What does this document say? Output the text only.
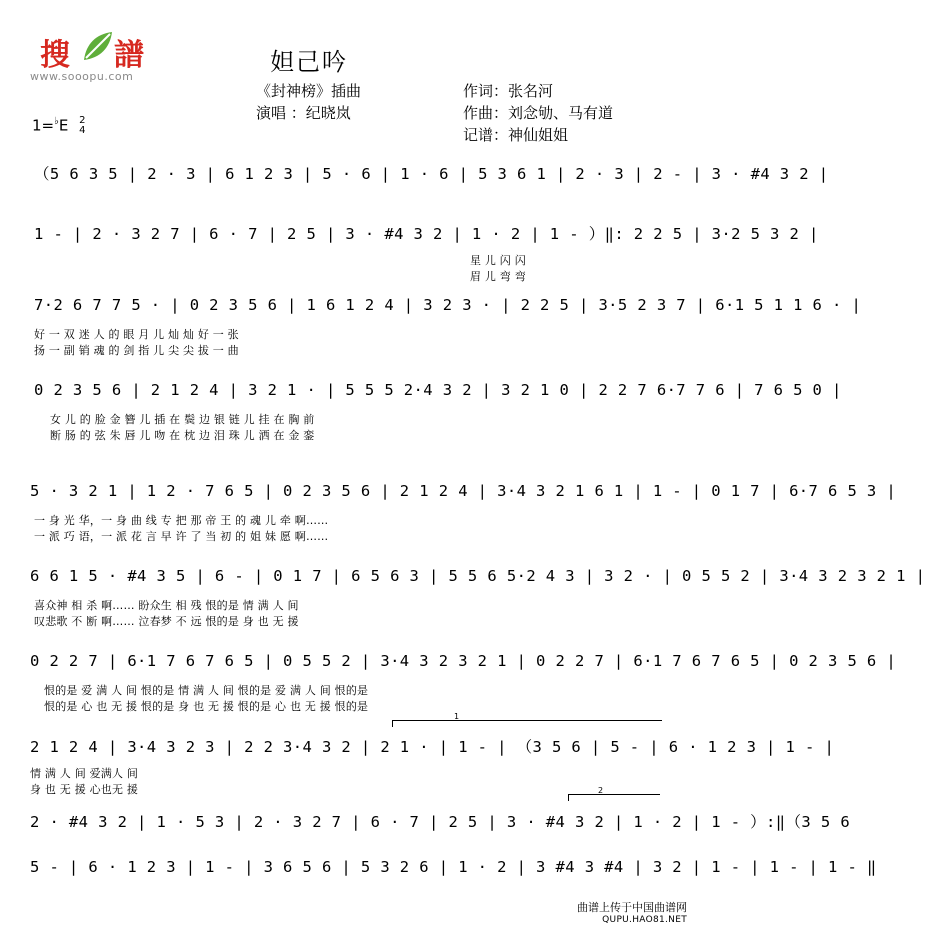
搜 譜
www.sooopu.com
妲己吟
《封神榜》插曲
演唱 ：纪晓岚
作词：张名河
作曲：刘念劬、马有道
记谱：神仙姐姐
1=♭E 2
4
（5 6 3 5 | 2 · 3 | 6 1 2 3 | 5 · 6 | 1 · 6 | 5 3 6 1 | 2 · 3 | 2 - | 3 · #4 3 2 |
1 - | 2 · 3 2 7 | 6 · 7 | 2 5 | 3 · #4 3 2 | 1 · 2 | 1 - ）‖: 2 2 5 | 3·2 5 3 2 |
星 儿 闪 闪
眉 儿 弯 弯
7·2 6 7 7 5 · | 0 2 3 5 6 | 1 6 1 2 4 | 3 2 3 · | 2 2 5 | 3·5 2 3 7 | 6·1 5 1 1 6 · |
好 一 双 迷 人 的 眼 月 儿 灿 灿 好 一 张
扬 一 副 销 魂 的 剑 指 儿 尖 尖 拔 一 曲
0 2 3 5 6 | 2 1 2 4 | 3 2 1 · | 5 5 5 2·4 3 2 | 3 2 1 0 | 2 2 7 6·7 7 6 | 7 6 5 0 |
女 儿 的 脸 金 簪 儿 插 在 鬓 边 银 链 儿 挂 在 胸 前
断 肠 的 弦 朱 唇 儿 吻 在 枕 边 泪 珠 儿 洒 在 金 銮
5 · 3 2 1 | 1 2 · 7 6 5 | 0 2 3 5 6 | 2 1 2 4 | 3·4 3 2 1 6 1 | 1 - | 0 1 7 | 6·7 6 5 3 |
一 身 光 华，一 身 曲 线 专 把 那 帝 王 的 魂 儿 牵 啊……
一 派 巧 语，一 派 花 言 早 许 了 当 初 的 姐 妹 愿 啊……
6 6 1 5 · #4 3 5 | 6 - | 0 1 7 | 6 5 6 3 | 5 5 6 5·2 4 3 | 3 2 · | 0 5 5 2 | 3·4 3 2 3 2 1 |
喜众神 相 杀 啊…… 盼众生 相 残 恨的是 情 满 人 间
叹悲歌 不 断 啊…… 泣春梦 不 远 恨的是 身 也 无 援
0 2 2 7 | 6·1 7 6 7 6 5 | 0 5 5 2 | 3·4 3 2 3 2 1 | 0 2 2 7 | 6·1 7 6 7 6 5 | 0 2 3 5 6 |
恨的是 爱 满 人 间 恨的是 情 满 人 间 恨的是 爱 满 人 间 恨的是
恨的是 心 也 无 援 恨的是 身 也 无 援 恨的是 心 也 无 援 恨的是
1
2 1 2 4 | 3·4 3 2 3 | 2 2 3·4 3 2 | 2 1 · | 1 - | （3 5 6 | 5 - | 6 · 1 2 3 | 1 - |
情 满 人 间 爱满人 间
身 也 无 援 心也无 援	2
2 · #4 3 2 | 1 · 5 3 | 2 · 3 2 7 | 6 · 7 | 2 5 | 3 · #4 3 2 | 1 · 2 | 1 - ）:‖（3 5 6
5 - | 6 · 1 2 3 | 1 - | 3 6 5 6 | 5 3 2 6 | 1 · 2 | 3 #4 3 #4 | 3 2 | 1 - | 1 - | 1 - ‖
曲谱上传于中国曲谱网
QUPU.HAO81.NET
